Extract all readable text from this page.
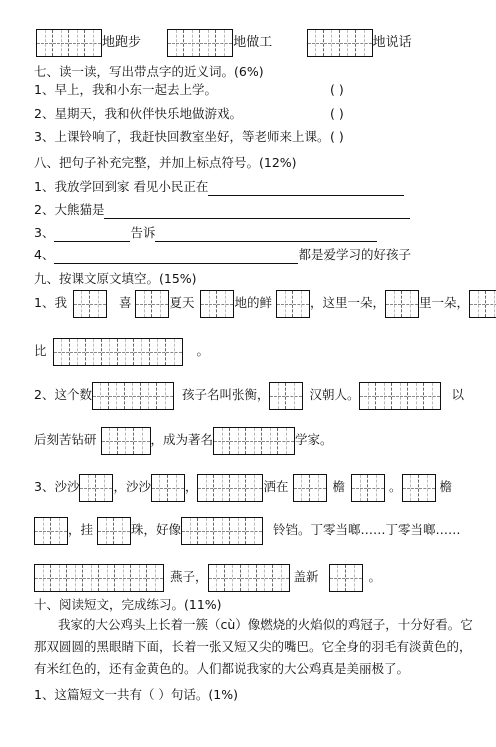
地跑步	地做工	地说话
七、读一读，写出带点字的近义词。(6%)
1、早上，我和小东一起去上学。	( )
2、星期天，我和伙伴快乐地做游戏。	( )
3、上课铃响了，我赶快回教室坐好，等老师来上课。 ( )
八、把句子补充完整，并加上标点符号。(12%)
1、我放学回到家 看见小民正在
2、大熊猫是
3、	告诉
4、	都是爱学习的好孩子
九、按课文原文填空。(15%)
1、我	喜	夏天	地的鲜	，这里一朵，	里一朵，
比	。
2、这个数	孩子名叫张衡，	汉朝人。	以
后刻苦钻研	，成为著名	学家。
3、沙沙	，沙沙	，	洒在	檐	。	檐
，挂	珠，好像	铃铛。丁零当啷……丁零当啷……
燕子，	盖新	。
十、阅读短文，完成练习。(11%)
我家的大公鸡头上长着一簇（cù）像燃烧的火焰似的鸡冠子，十分好看。它
那双圆圆的黑眼睛下面，长着一张又短又尖的嘴巴。它全身的羽毛有淡黄色的，
有米红色的，还有金黄色的。人们都说我家的大公鸡真是美丽极了。
1、这篇短文一共有（ ）句话。(1%)
